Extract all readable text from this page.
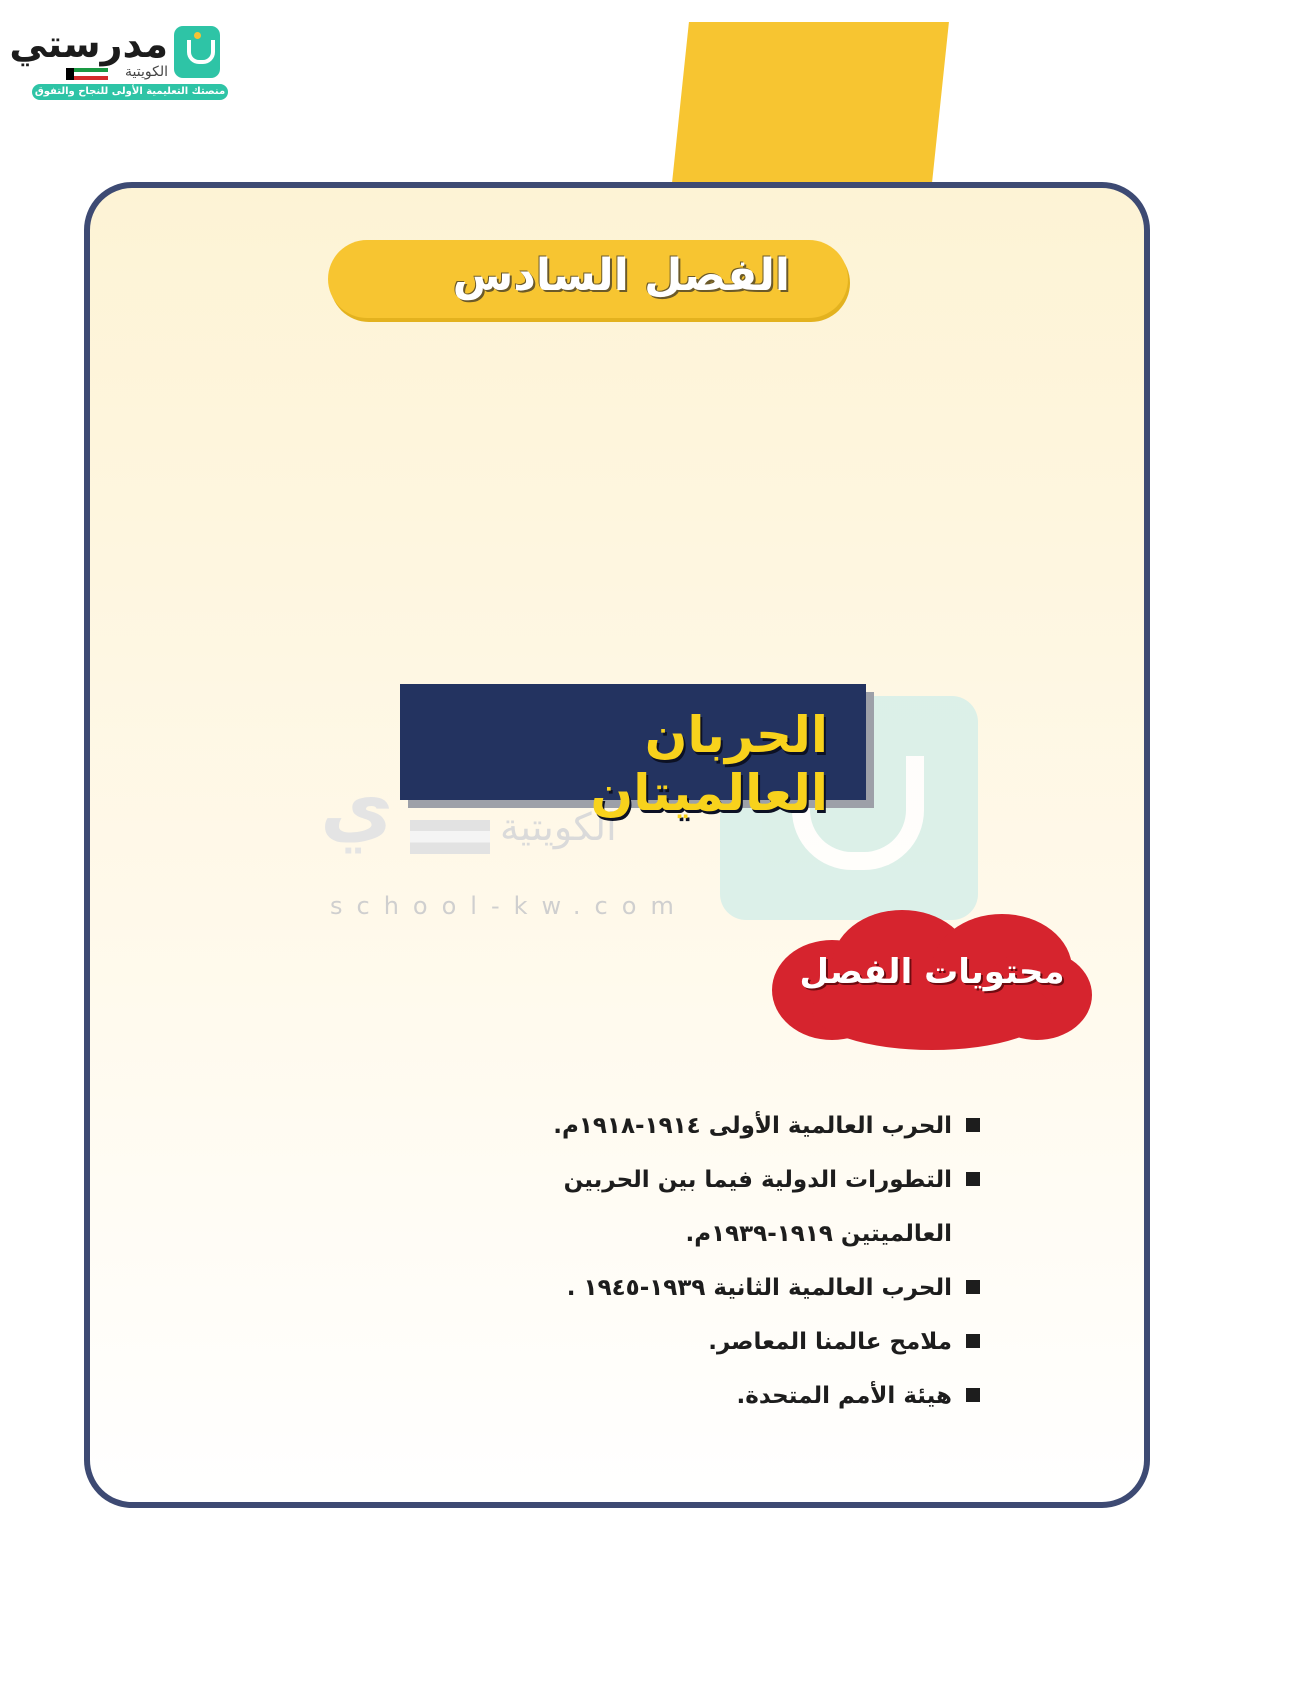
مدرستي
الكويتية
منصتك التعليمية الأولى للنجاح والتفوق
الفصل السادس
ي	الكويتية
school-kw.com
الحربان العالميتان
محتويات الفصل
الحرب العالمية الأولى ١٩١٤-١٩١٨م.
التطورات الدولية فيما بين الحربين
العالميتين ١٩١٩-١٩٣٩م.
الحرب العالمية الثانية ١٩٣٩-١٩٤٥ .
ملامح عالمنا المعاصر.
هيئة الأمم المتحدة.
